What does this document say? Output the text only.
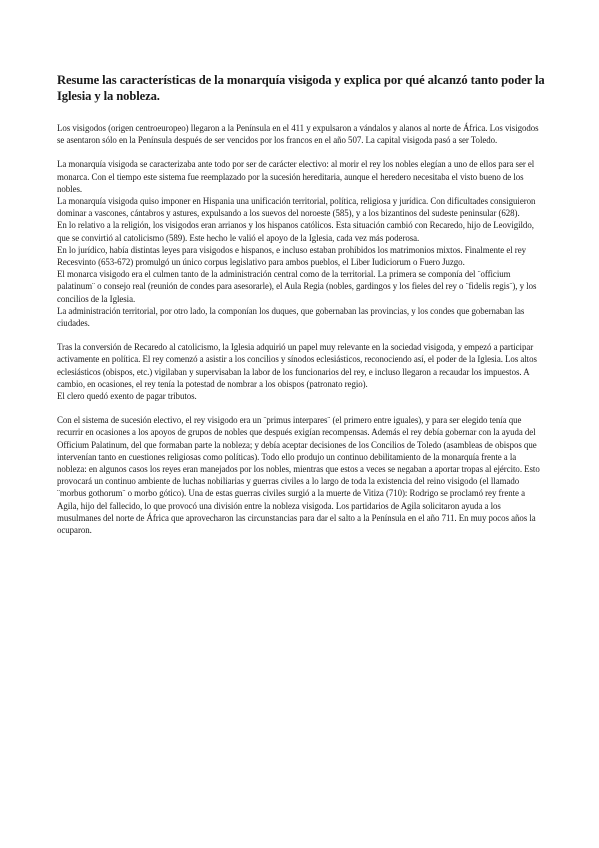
Resume las características de la monarquía visigoda y explica por qué alcanzó tanto poder la Iglesia y la nobleza.

Los visigodos (origen centroeuropeo) llegaron a la Península en el 411 y expulsaron a vándalos y alanos al norte de África. Los visigodos se asentaron sólo en la Península después de ser vencidos por los francos en el año 507. La capital visigoda pasó a ser Toledo.

La monarquía visigoda se caracterizaba ante todo por ser de carácter electivo: al morir el rey los nobles elegían a uno de ellos para ser el monarca. Con el tiempo este sistema fue reemplazado por la sucesión hereditaria, aunque el heredero necesitaba el visto bueno de los nobles.

La monarquía visigoda quiso imponer en Hispania una unificación territorial, política, religiosa y jurídica. Con dificultades consiguieron dominar a vascones, cántabros y astures, expulsando a los suevos del noroeste (585), y a los bizantinos del sudeste peninsular (628).

En lo relativo a la religión, los visigodos eran arrianos y los hispanos católicos. Esta situación cambió con Recaredo, hijo de Leovigildo, que se convirtió al catolicismo (589). Este hecho le valió el apoyo de la Iglesia, cada vez más poderosa.

En lo jurídico, había distintas leyes para visigodos e hispanos, e incluso estaban prohibidos los matrimonios mixtos. Finalmente el rey Recesvinto (653-672) promulgó un único corpus legislativo para ambos pueblos, el Liber Iudiciorum o Fuero Juzgo.

El monarca visigodo era el culmen tanto de la administración central como de la territorial. La primera se componía del ¨officium palatinum¨ o consejo real (reunión de condes para asesorarle), el Aula Regia (nobles, gardingos y los fieles del rey o ¨fidelis regis¨), y los concilios de la Iglesia.

La administración territorial, por otro lado, la componían los duques, que gobernaban las provincias, y los condes que gobernaban las ciudades.

Tras la conversión de Recaredo al catolicismo, la Iglesia adquirió un papel muy relevante en la sociedad visigoda, y empezó a participar activamente en política. El rey comenzó a asistir a los concilios y sínodos eclesiásticos, reconociendo así, el poder de la Iglesia. Los altos eclesiásticos (obispos, etc.) vigilaban y supervisaban la labor de los funcionarios del rey, e incluso llegaron a recaudar los impuestos. A cambio, en ocasiones, el rey tenía la potestad de nombrar a los obispos (patronato regio).

El clero quedó exento de pagar tributos.

Con el sistema de sucesión electivo, el rey visigodo era un ¨primus interpares¨ (el primero entre iguales), y para ser elegido tenía que recurrir en ocasiones a los apoyos de grupos de nobles que después exigían recompensas. Además el rey debía gobernar con la ayuda del Officium Palatinum, del que formaban parte la nobleza; y debía aceptar decisiones de los Concilios de Toledo (asambleas de obispos que intervenían tanto en cuestiones religiosas como políticas). Todo ello produjo un continuo debilitamiento de la monarquía frente a la nobleza: en algunos casos los reyes eran manejados por los nobles, mientras que estos a veces se negaban a aportar tropas al ejército. Esto provocará un continuo ambiente de luchas nobiliarias y guerras civiles a lo largo de toda la existencia del reino visigodo (el llamado ¨morbus gothorum¨ o morbo gótico). Una de estas guerras civiles surgió a la muerte de Vitiza (710): Rodrigo se proclamó rey frente a Agila, hijo del fallecido, lo que provocó una división entre la nobleza visigoda. Los partidarios de Agila solicitaron ayuda a los musulmanes del norte de África que aprovecharon las circunstancias para dar el salto a la Península en el año 711. En muy pocos años la ocuparon.
